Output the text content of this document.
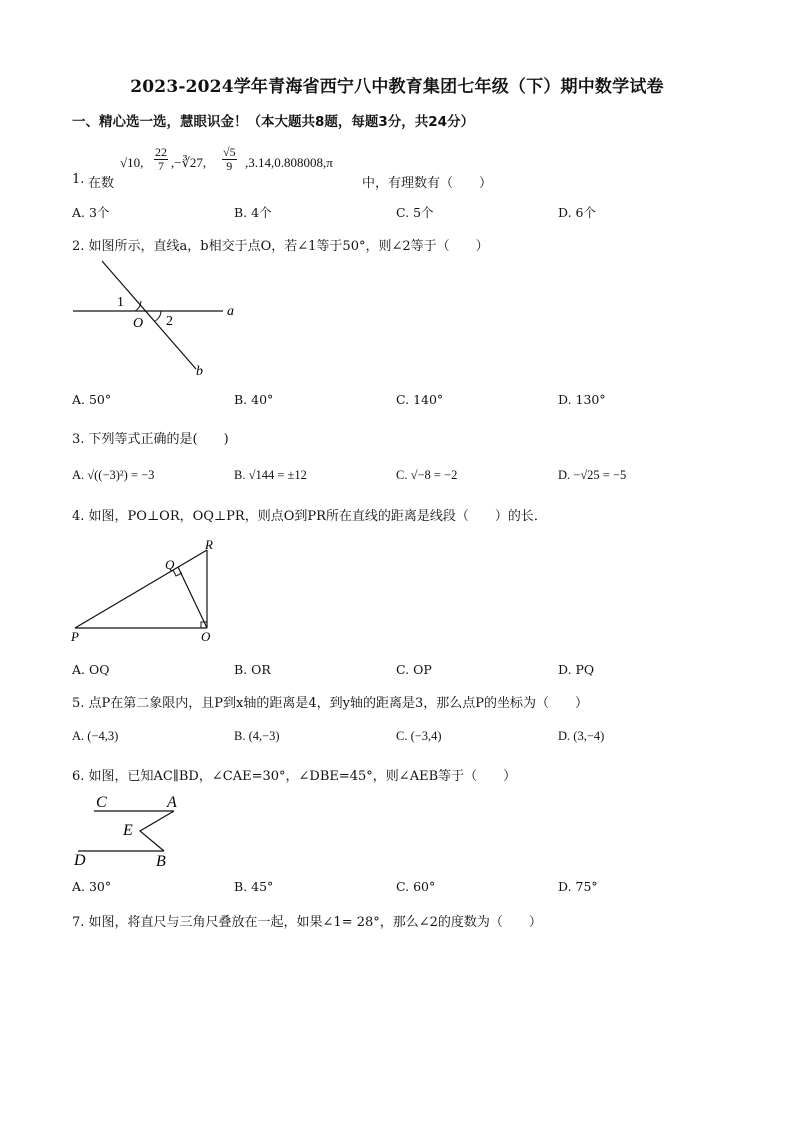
2023-2024学年青海省西宁八中教育集团七年级（下）期中数学试卷
一、精心选一选，慧眼识金！（本大题共8题，每题3分，共24分）
1. 在数
√10, $\frac{22}{7}$ ,−∛27, $\frac{√5}{9} ,3.14,0.808008,\pi$
中，有理数有（　　）
A. 3个	B. 4个	C. 5个	D. 6个
2. 如图所示，直线a，b相交于点O，若∠1等于50°，则∠2等于（　　）
1
O 2
a
b
A. 50°	B. 40°	C. 140°	D. 130°
3. 下列等式正确的是(　　)
A. √((−3)²) = −3	B. √144 = ±12	C. √−8 = −2	D. −√25 = −5
4. 如图，PO⊥OR，OQ⊥PR，则点O到PR所在直线的距离是线段（　　）的长．
P
Q
R
O
A. OQ	B. OR	C. OP	D. PQ
5. 点P在第二象限内，且P到x轴的距离是4，到y轴的距离是3，那么点P的坐标为（　　）
A. (−4,3)	B. (4,−3)	C. (−3,4)	D. (3,−4)
6. 如图，已知AC∥BD，∠CAE=30°，∠DBE=45°，则∠AEB等于（　　）
C	A
E
D	B
A. 30°	B. 45°	C. 60°	D. 75°
7. 如图，将直尺与三角尺叠放在一起，如果∠1= 28°，那么∠2的度数为（　　）
